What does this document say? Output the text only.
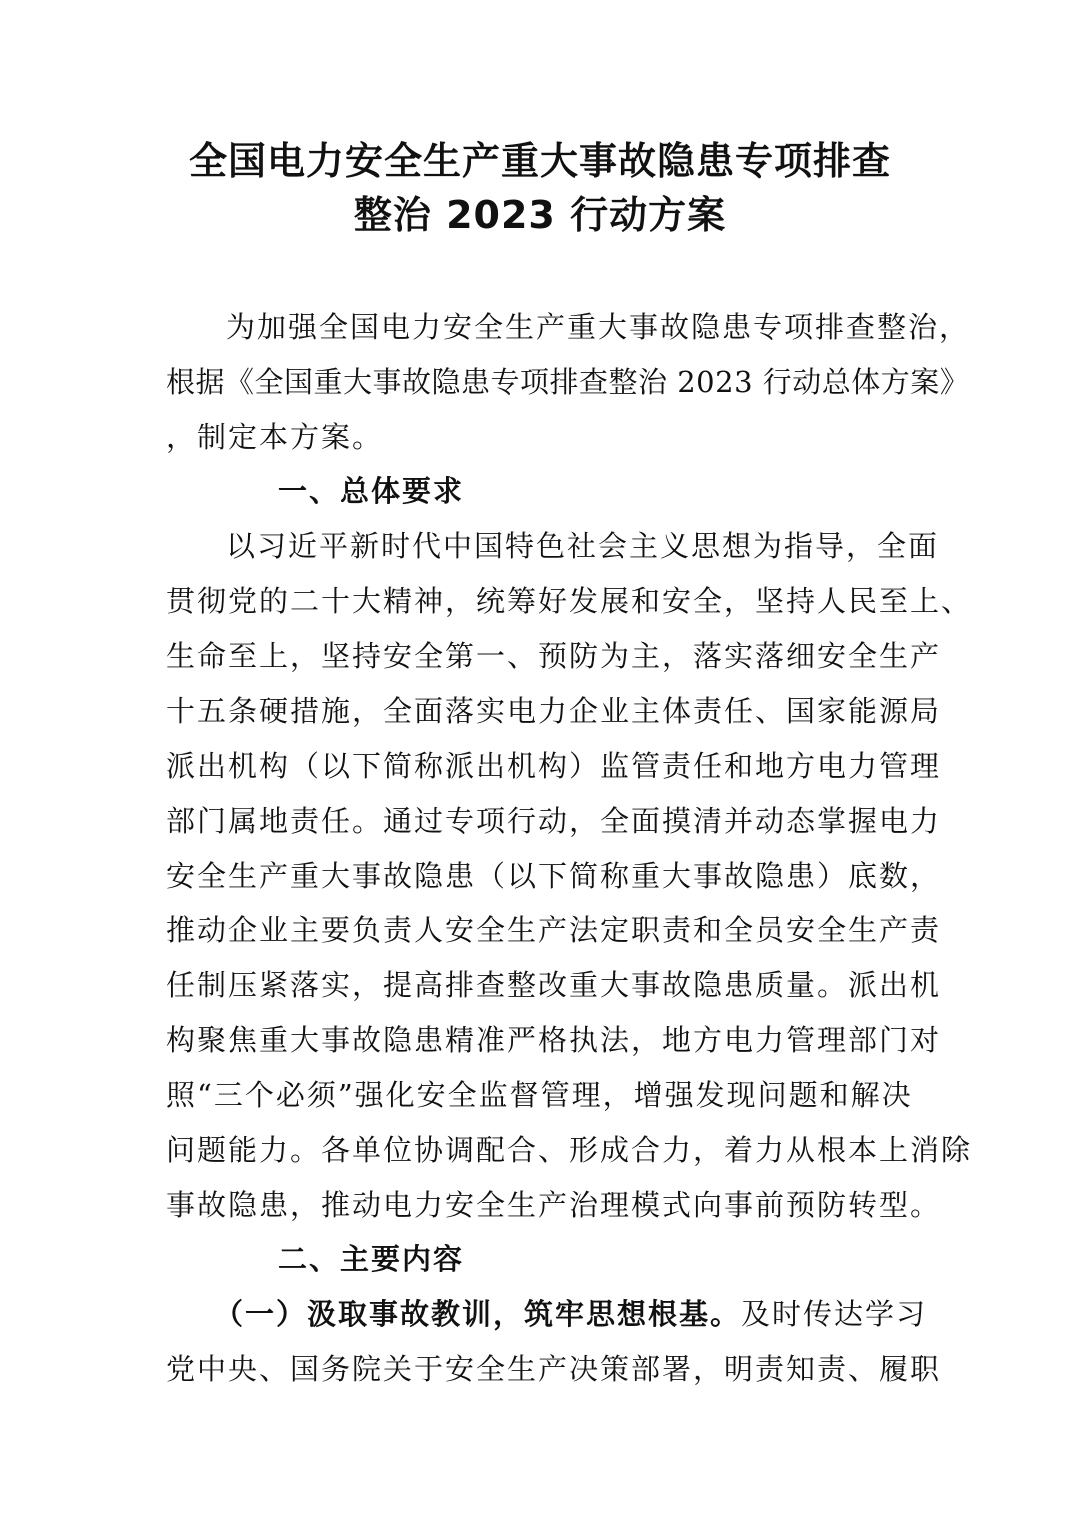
全国电力安全生产重大事故隐患专项排查
整治 2023 行动方案
为加强全国电力安全生产重大事故隐患专项排查整治，
根据《全国重大事故隐患专项排查整治 2023 行动总体方案》
，制定本方案。
一、总体要求
以习近平新时代中国特色社会主义思想为指导，全面
贯彻党的二十大精神，统筹好发展和安全，坚持人民至上、
生命至上，坚持安全第一、预防为主，落实落细安全生产
十五条硬措施，全面落实电力企业主体责任、国家能源局
派出机构（以下简称派出机构）监管责任和地方电力管理
部门属地责任。通过专项行动，全面摸清并动态掌握电力
安全生产重大事故隐患（以下简称重大事故隐患）底数，
推动企业主要负责人安全生产法定职责和全员安全生产责
任制压紧落实，提高排查整改重大事故隐患质量。派出机
构聚焦重大事故隐患精准严格执法，地方电力管理部门对
照“三个必须”强化安全监督管理，增强发现问题和解决
问题能力。各单位协调配合、形成合力，着力从根本上消除
事故隐患，推动电力安全生产治理模式向事前预防转型。
二、主要内容
（一）汲取事故教训，筑牢思想根基。及时传达学习
党中央、国务院关于安全生产决策部署，明责知责、履职
